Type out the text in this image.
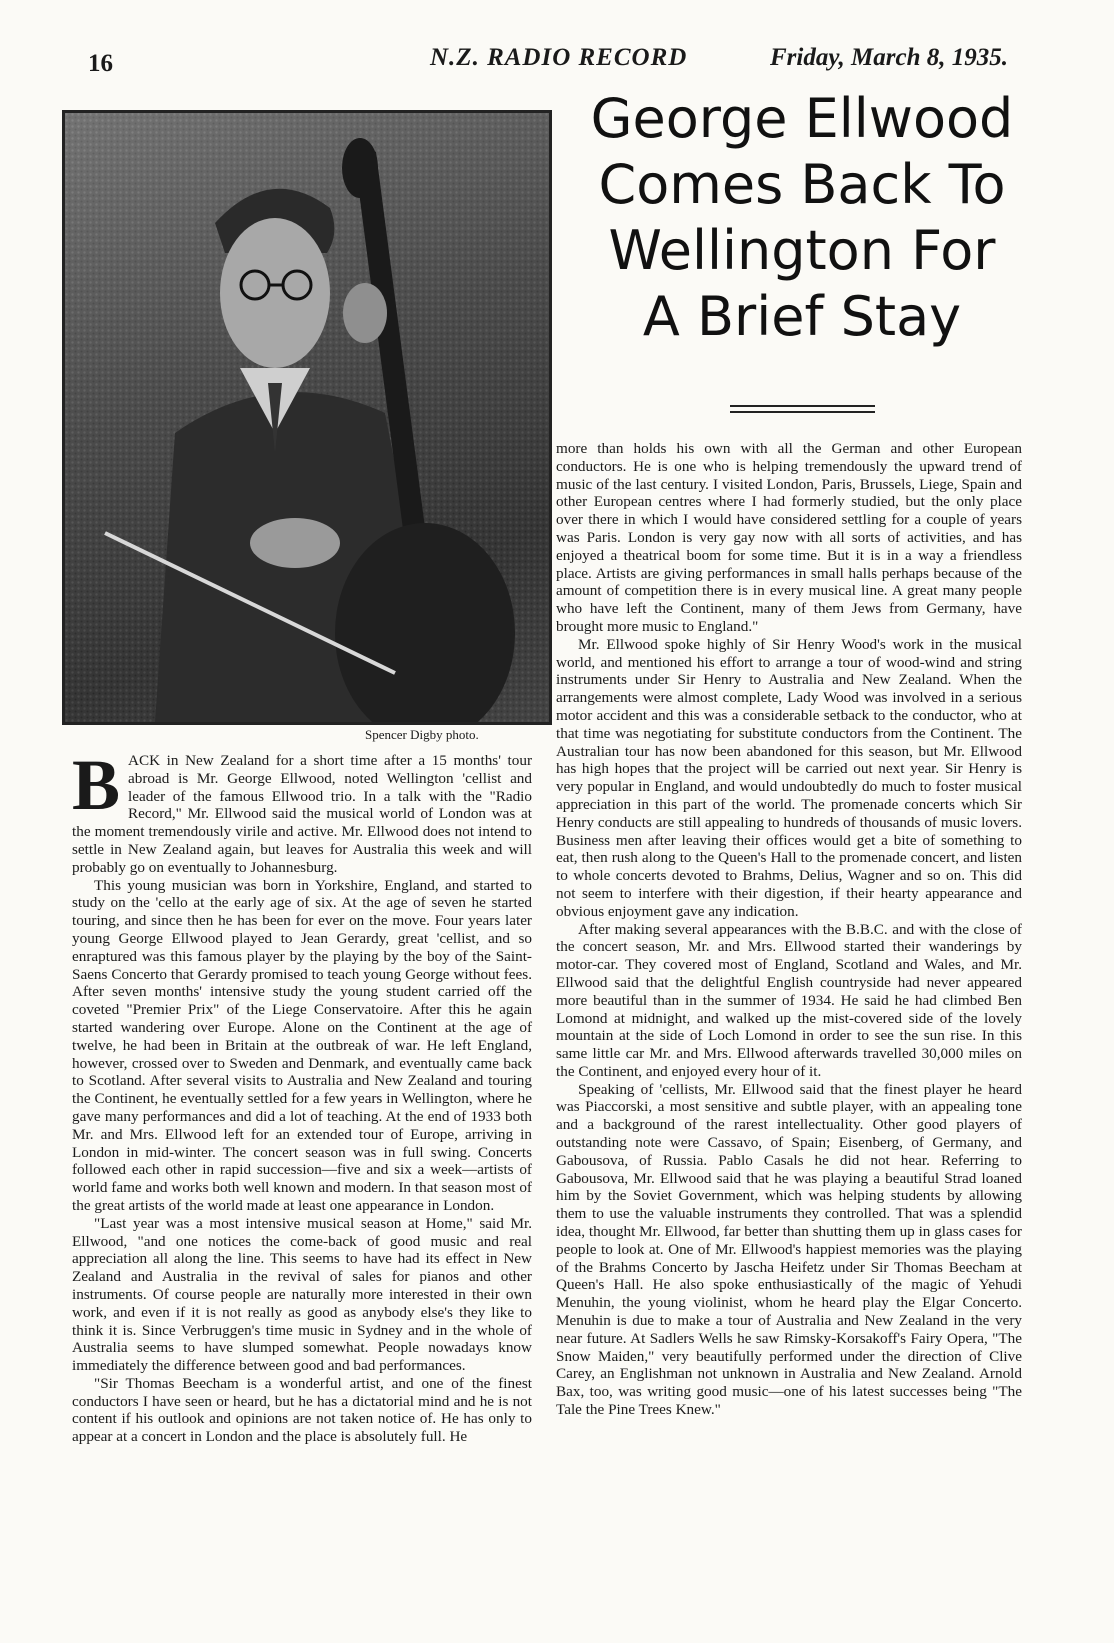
16	N.Z. RADIO RECORD	Friday, March 8, 1935.
Spencer Digby photo.
George Ellwood
Comes Back To
Wellington For
A Brief Stay

BACK in New Zealand for a short time after a 15 months' tour abroad is Mr. George Ellwood, noted Wellington 'cellist and leader of the famous Ellwood trio. In a talk with the "Radio Record," Mr. Ellwood said the musical world of London was at the moment tremendously virile and active. Mr. Ellwood does not intend to settle in New Zealand again, but leaves for Australia this week and will probably go on eventually to Johannesburg.

This young musician was born in Yorkshire, England, and started to study on the 'cello at the early age of six. At the age of seven he started touring, and since then he has been for ever on the move. Four years later young George Ellwood played to Jean Gerardy, great 'cellist, and so enraptured was this famous player by the playing by the boy of the Saint-Saens Concerto that Gerardy promised to teach young George without fees. After seven months' intensive study the young student carried off the coveted "Premier Prix" of the Liege Conservatoire. After this he again started wandering over Europe. Alone on the Continent at the age of twelve, he had been in Britain at the outbreak of war. He left England, however, crossed over to Sweden and Denmark, and eventually came back to Scotland. After several visits to Australia and New Zealand and touring the Continent, he eventually settled for a few years in Wellington, where he gave many performances and did a lot of teaching. At the end of 1933 both Mr. and Mrs. Ellwood left for an extended tour of Europe, arriving in London in mid-winter. The concert season was in full swing. Concerts followed each other in rapid succession—five and six a week—artists of world fame and works both well known and modern. In that season most of the great artists of the world made at least one appearance in London.

"Last year was a most intensive musical season at Home," said Mr. Ellwood, "and one notices the come-back of good music and real appreciation all along the line. This seems to have had its effect in New Zealand and Australia in the revival of sales for pianos and other instruments. Of course people are naturally more interested in their own work, and even if it is not really as good as anybody else's they like to think it is. Since Verbruggen's time music in Sydney and in the whole of Australia seems to have slumped somewhat. People nowadays know immediately the difference between good and bad performances.

"Sir Thomas Beecham is a wonderful artist, and one of the finest conductors I have seen or heard, but he has a dictatorial mind and he is not content if his outlook and opinions are not taken notice of. He has only to appear at a concert in London and the place is absolutely full. He

more than holds his own with all the German and other European conductors. He is one who is helping tremendously the upward trend of music of the last century. I visited London, Paris, Brussels, Liege, Spain and other European centres where I had formerly studied, but the only place over there in which I would have considered settling for a couple of years was Paris. London is very gay now with all sorts of activities, and has enjoyed a theatrical boom for some time. But it is in a way a friendless place. Artists are giving performances in small halls perhaps because of the amount of competition there is in every musical line. A great many people who have left the Continent, many of them Jews from Germany, have brought more music to England."

Mr. Ellwood spoke highly of Sir Henry Wood's work in the musical world, and mentioned his effort to arrange a tour of wood-wind and string instruments under Sir Henry to Australia and New Zealand. When the arrangements were almost complete, Lady Wood was involved in a serious motor accident and this was a considerable setback to the conductor, who at that time was negotiating for substitute conductors from the Continent. The Australian tour has now been abandoned for this season, but Mr. Ellwood has high hopes that the project will be carried out next year. Sir Henry is very popular in England, and would undoubtedly do much to foster musical appreciation in this part of the world. The promenade concerts which Sir Henry conducts are still appealing to hundreds of thousands of music lovers. Business men after leaving their offices would get a bite of something to eat, then rush along to the Queen's Hall to the promenade concert, and listen to whole concerts devoted to Brahms, Delius, Wagner and so on. This did not seem to interfere with their digestion, if their hearty appearance and obvious enjoyment gave any indication.

After making several appearances with the B.B.C. and with the close of the concert season, Mr. and Mrs. Ellwood started their wanderings by motor-car. They covered most of England, Scotland and Wales, and Mr. Ellwood said that the delightful English countryside had never appeared more beautiful than in the summer of 1934. He said he had climbed Ben Lomond at midnight, and walked up the mist-covered side of the lovely mountain at the side of Loch Lomond in order to see the sun rise. In this same little car Mr. and Mrs. Ellwood afterwards travelled 30,000 miles on the Continent, and enjoyed every hour of it.

Speaking of 'cellists, Mr. Ellwood said that the finest player he heard was Piaccorski, a most sensitive and subtle player, with an appealing tone and a background of the rarest intellectuality. Other good players of outstanding note were Cassavo, of Spain; Eisenberg, of Germany, and Gabousova, of Russia. Pablo Casals he did not hear. Referring to Gabousova, Mr. Ellwood said that he was playing a beautiful Strad loaned him by the Soviet Government, which was helping students by allowing them to use the valuable instruments they controlled. That was a splendid idea, thought Mr. Ellwood, far better than shutting them up in glass cases for people to look at. One of Mr. Ellwood's happiest memories was the playing of the Brahms Concerto by Jascha Heifetz under Sir Thomas Beecham at Queen's Hall. He also spoke enthusiastically of the magic of Yehudi Menuhin, the young violinist, whom he heard play the Elgar Concerto. Menuhin is due to make a tour of Australia and New Zealand in the very near future. At Sadlers Wells he saw Rimsky-Korsakoff's Fairy Opera, "The Snow Maiden," very beautifully performed under the direction of Clive Carey, an Englishman not unknown in Australia and New Zealand. Arnold Bax, too, was writing good music—one of his latest successes being "The Tale the Pine Trees Knew."
